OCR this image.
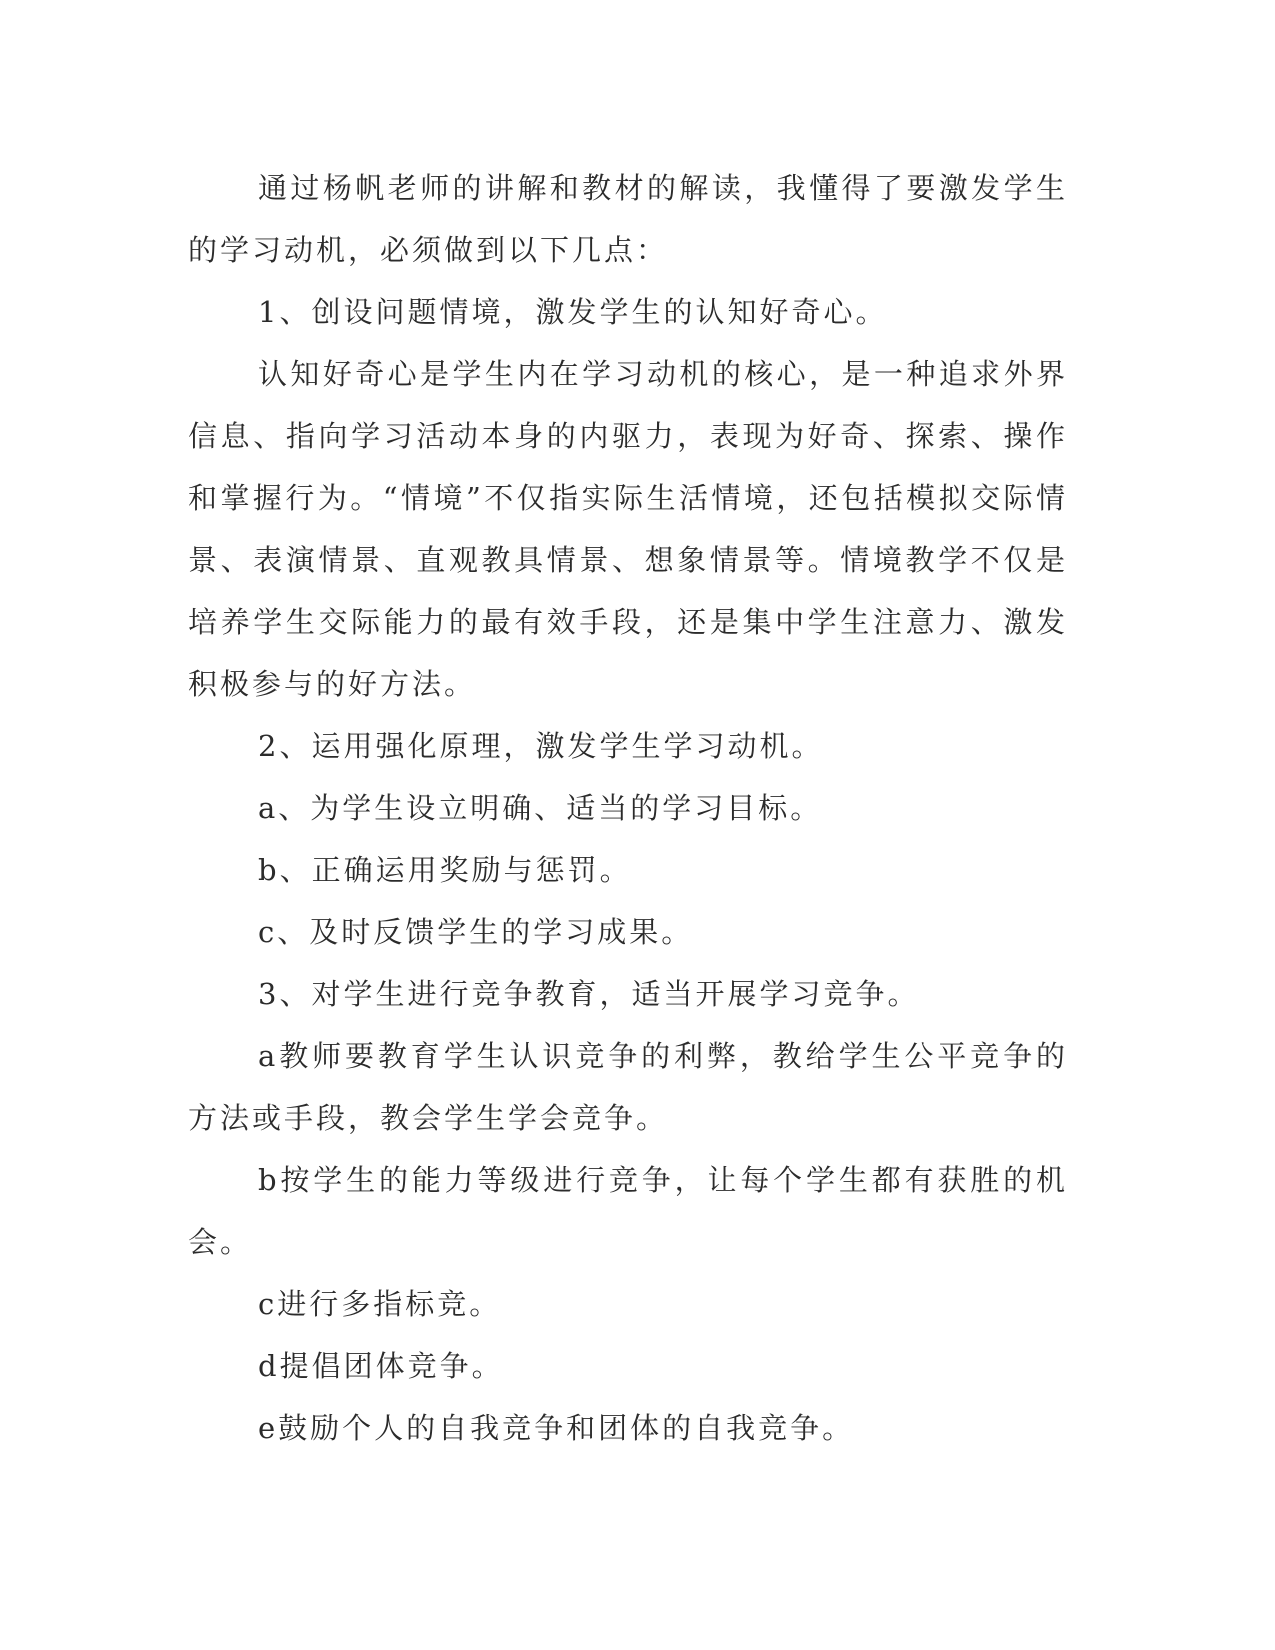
通过杨帆老师的讲解和教材的解读，我懂得了要激发学生的学习动机，必须做到以下几点：

1、创设问题情境，激发学生的认知好奇心。

认知好奇心是学生内在学习动机的核心，是一种追求外界信息、指向学习活动本身的内驱力，表现为好奇、探索、操作和掌握行为。“情境”不仅指实际生活情境，还包括模拟交际情景、表演情景、直观教具情景、想象情景等。情境教学不仅是培养学生交际能力的最有效手段，还是集中学生注意力、激发积极参与的好方法。

2、运用强化原理，激发学生学习动机。

a、为学生设立明确、适当的学习目标。

b、正确运用奖励与惩罚。

c、及时反馈学生的学习成果。

3、对学生进行竞争教育，适当开展学习竞争。

a教师要教育学生认识竞争的利弊，教给学生公平竞争的方法或手段，教会学生学会竞争。

b按学生的能力等级进行竞争，让每个学生都有获胜的机会。

c进行多指标竞。

d提倡团体竞争。

e鼓励个人的自我竞争和团体的自我竞争。
